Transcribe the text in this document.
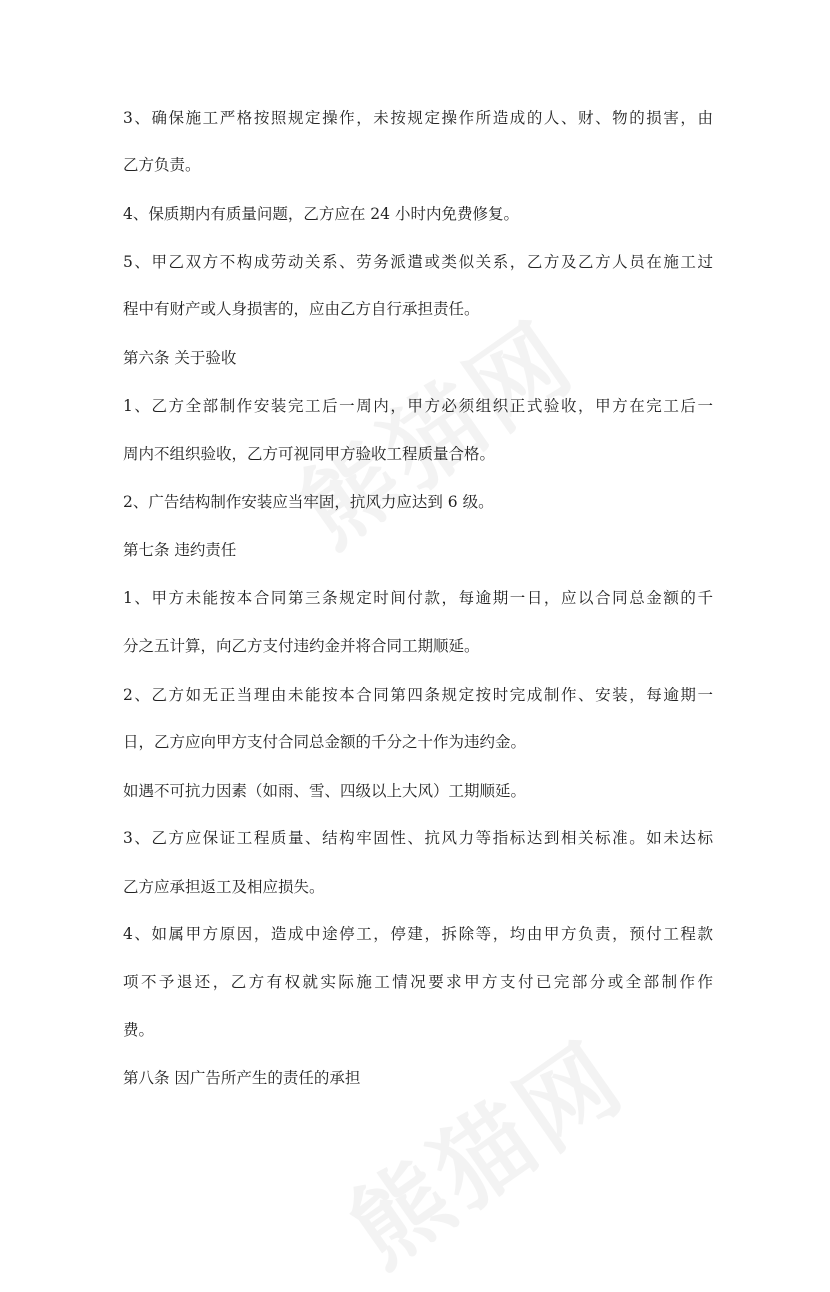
3、确保施工严格按照规定操作，未按规定操作所造成的人、财、物的损害，由
乙方负责。
4、保质期内有质量问题，乙方应在 24 小时内免费修复。
5、甲乙双方不构成劳动关系、劳务派遣或类似关系，乙方及乙方人员在施工过
程中有财产或人身损害的，应由乙方自行承担责任。
第六条 关于验收
1、乙方全部制作安装完工后一周内，甲方必须组织正式验收，甲方在完工后一
周内不组织验收，乙方可视同甲方验收工程质量合格。
2、广告结构制作安装应当牢固，抗风力应达到 6 级。
第七条 违约责任
1、甲方未能按本合同第三条规定时间付款，每逾期一日，应以合同总金额的千
分之五计算，向乙方支付违约金并将合同工期顺延。
2、乙方如无正当理由未能按本合同第四条规定按时完成制作、安装，每逾期一
日，乙方应向甲方支付合同总金额的千分之十作为违约金。
如遇不可抗力因素（如雨、雪、四级以上大风）工期顺延。
3、乙方应保证工程质量、结构牢固性、抗风力等指标达到相关标准。如未达标
乙方应承担返工及相应损失。
4、如属甲方原因，造成中途停工，停建，拆除等，均由甲方负责，预付工程款
项不予退还，乙方有权就实际施工情况要求甲方支付已完部分或全部制作作
费。
第八条 因广告所产生的责任的承担
